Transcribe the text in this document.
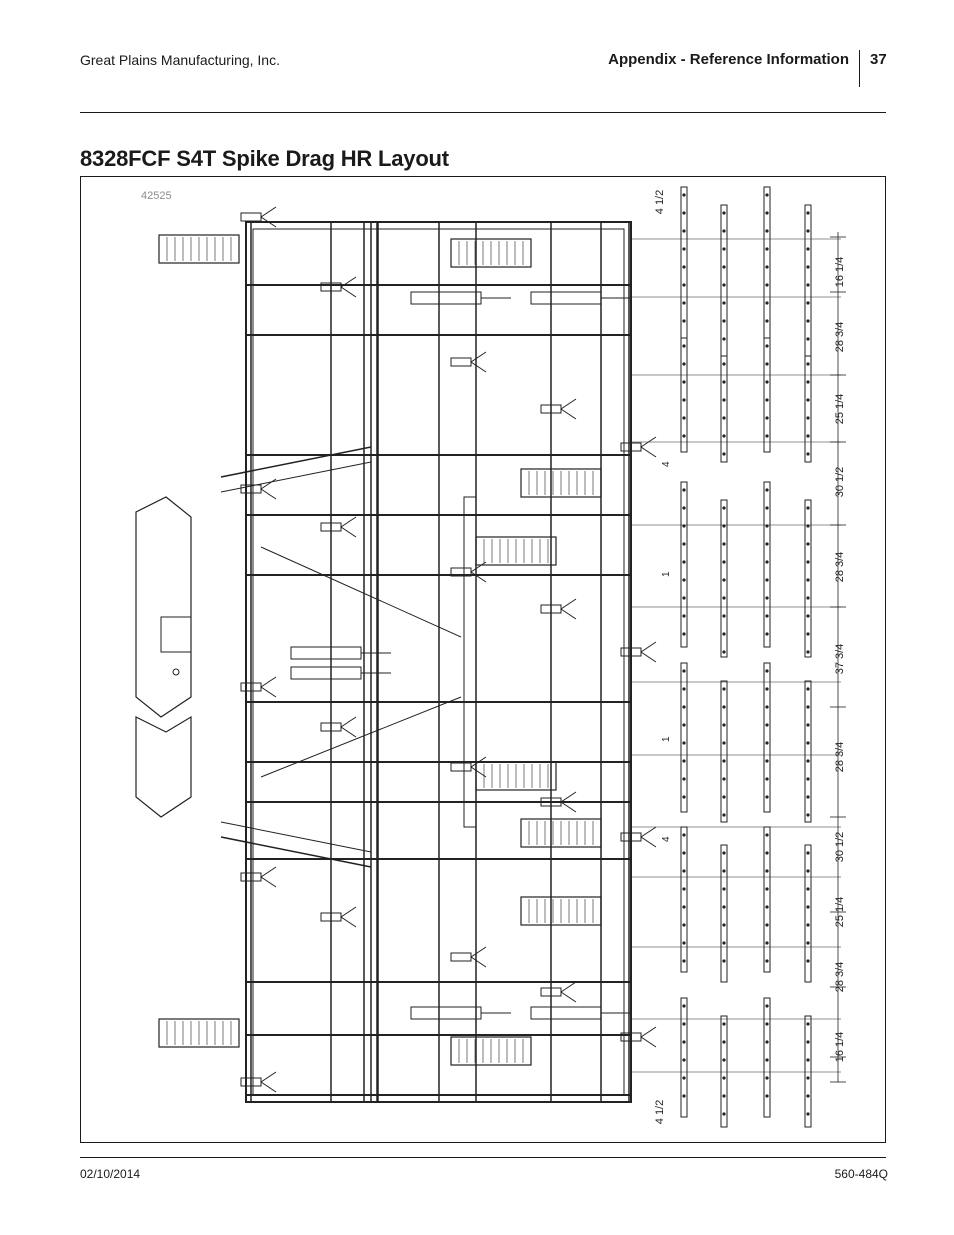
Great Plains Manufacturing, Inc.	Appendix - Reference Information 37
8328FCF S4T Spike Drag HR Layout
42525	4 1/2
16 1/4
28 3/4
25 1/4
30 1/2
28 3/4
37 3/4
28 3/4
30 1/2
25 1/4
28 3/4
16 1/4
4 1/2
4
1
1
4
02/10/2014	560-484Q
